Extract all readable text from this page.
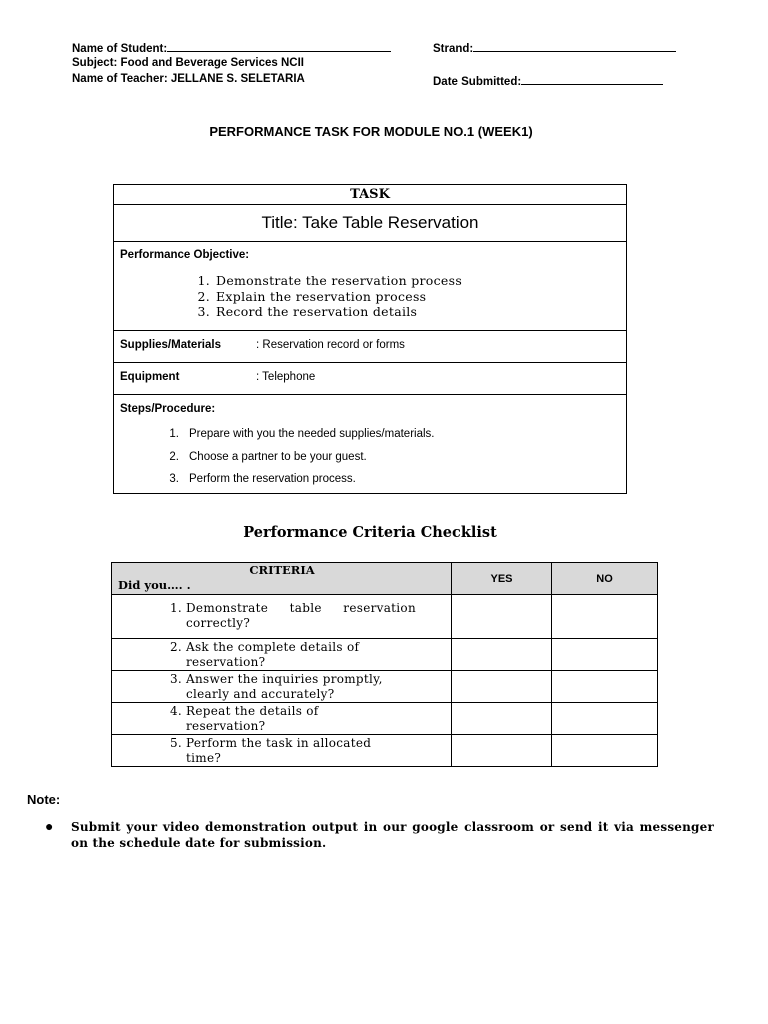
Name of Student:	Strand:
Subject: Food and Beverage Services NCII
Name of Teacher: JELLANE S. SELETARIA	Date Submitted:
PERFORMANCE TASK FOR MODULE NO.1 (WEEK1)
TASK
Title: Take Table Reservation
Performance Objective:
1. Demonstrate the reservation process
2. Explain the reservation process
3. Record the reservation details
Supplies/Materials	: Reservation record or forms
Equipment	: Telephone
Steps/Procedure:
1. Prepare with you the needed supplies/materials.
2. Choose a partner to be your guest.
3. Perform the reservation process.
Performance Criteria Checklist
CRITERIA
Did you…. .	YES	NO

1. Demonstrate table reservation
correctly?		

2. Ask the complete details of
reservation?		

3. Answer the inquiries promptly,
clearly and accurately?		

4. Repeat the details of
reservation?		

5. Perform the task in allocated
time?		

Note:
● Submit your video demonstration output in our google classroom or send it via messenger on the schedule date for submission.
